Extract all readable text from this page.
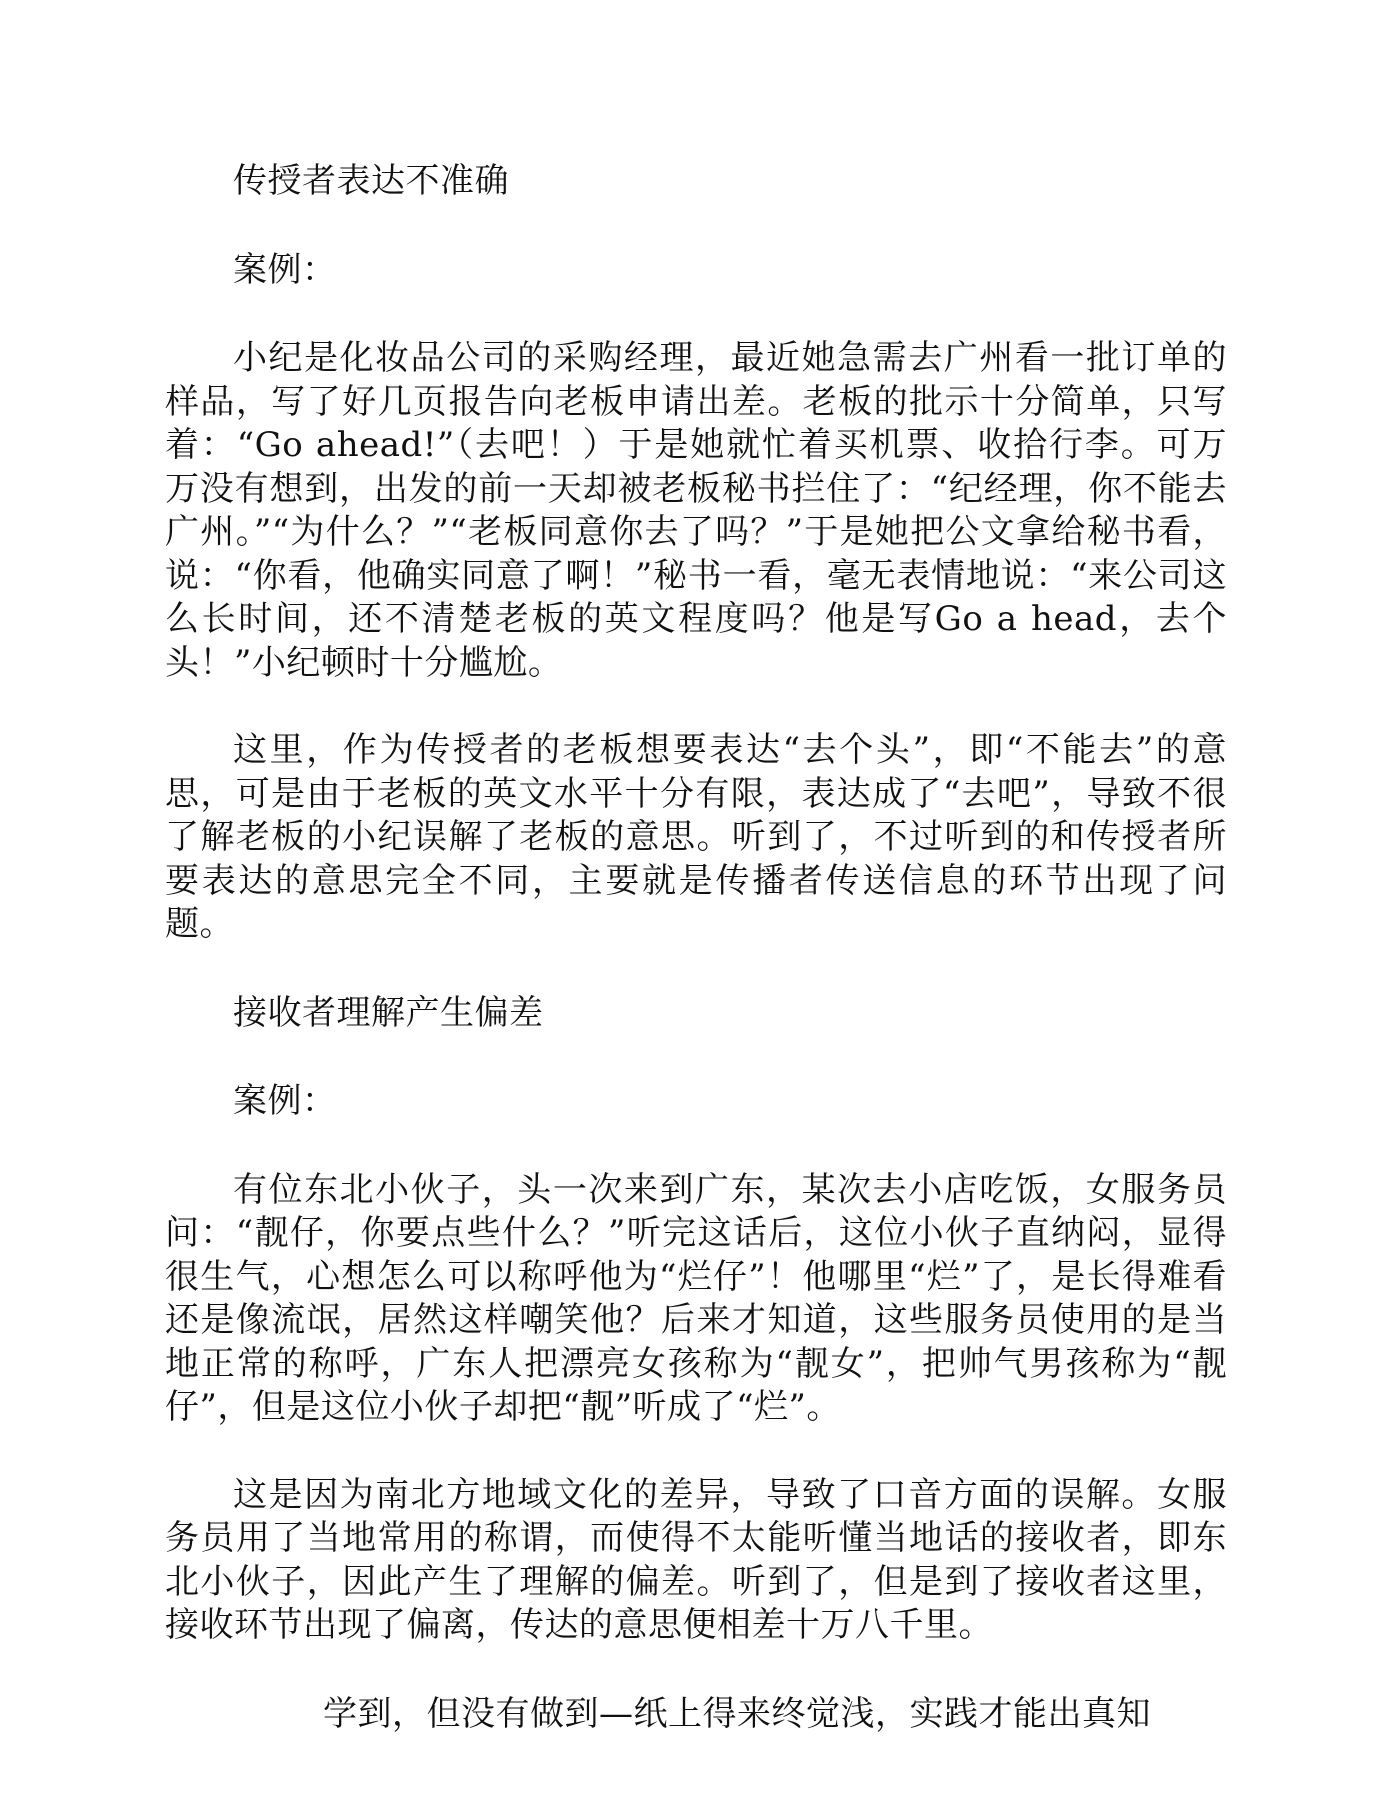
传授者表达不准确

案例：

小纪是化妆品公司的采购经理，最近她急需去广州看一批订单的样品，写了好几页报告向老板申请出差。老板的批示十分简单，只写着：“Go ahead!”（去吧！）于是她就忙着买机票、收拾行李。可万万没有想到，出发的前一天却被老板秘书拦住了：“纪经理，你不能去广州。”“为什么？”“老板同意你去了吗？”于是她把公文拿给秘书看，说：“你看，他确实同意了啊！”秘书一看，毫无表情地说：“来公司这么长时间，还不清楚老板的英文程度吗？他是写Go a head，去个头！”小纪顿时十分尴尬。

这里，作为传授者的老板想要表达“去个头”，即“不能去”的意思，可是由于老板的英文水平十分有限，表达成了“去吧”，导致不很了解老板的小纪误解了老板的意思。听到了，不过听到的和传授者所要表达的意思完全不同，主要就是传播者传送信息的环节出现了问题。

接收者理解产生偏差

案例：

有位东北小伙子，头一次来到广东，某次去小店吃饭，女服务员问：“靓仔，你要点些什么？”听完这话后，这位小伙子直纳闷，显得很生气，心想怎么可以称呼他为“烂仔”！他哪里“烂”了，是长得难看还是像流氓，居然这样嘲笑他？后来才知道，这些服务员使用的是当地正常的称呼，广东人把漂亮女孩称为“靓女”，把帅气男孩称为“靓仔”，但是这位小伙子却把“靓”听成了“烂”。

这是因为南北方地域文化的差异，导致了口音方面的误解。女服务员用了当地常用的称谓，而使得不太能听懂当地话的接收者，即东北小伙子，因此产生了理解的偏差。听到了，但是到了接收者这里，接收环节出现了偏离，传达的意思便相差十万八千里。

学到，但没有做到—纸上得来终觉浅，实践才能出真知
